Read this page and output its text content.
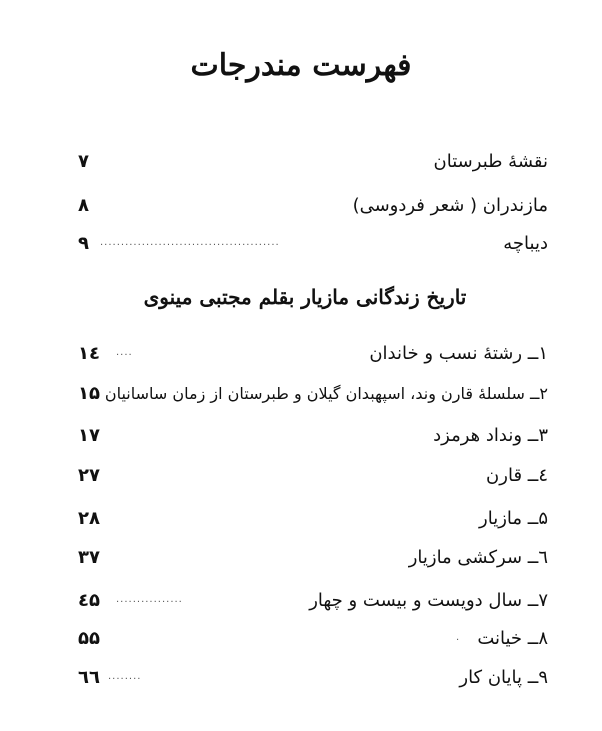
فهرست مندرجات
نقشهٔ طبرستان
۷
مازندران ( شعر فردوسی)
۸
دیباچه
...........................................
۹
تاریخ زندگانی مازیار بقلم مجتبی مینوی
۱ــ رشتهٔ نسب و خاندان
....
۱٤
۲ــ سلسلهٔ قارن وند، اسپهبدان گیلان و طبرستان از زمان ساسانیان
۱۵
۳ــ ونداد هرمزد
۱۷
٤ــ قارن
۲۷
۵ــ مازیار
۲۸
٦ــ سرکشی مازیار
۳۷
۷ــ سال دویست و بیست و چهار
................
٤۵
۸ــ خیانت
.
۵۵
۹ــ پایان کار
........
٦٦
